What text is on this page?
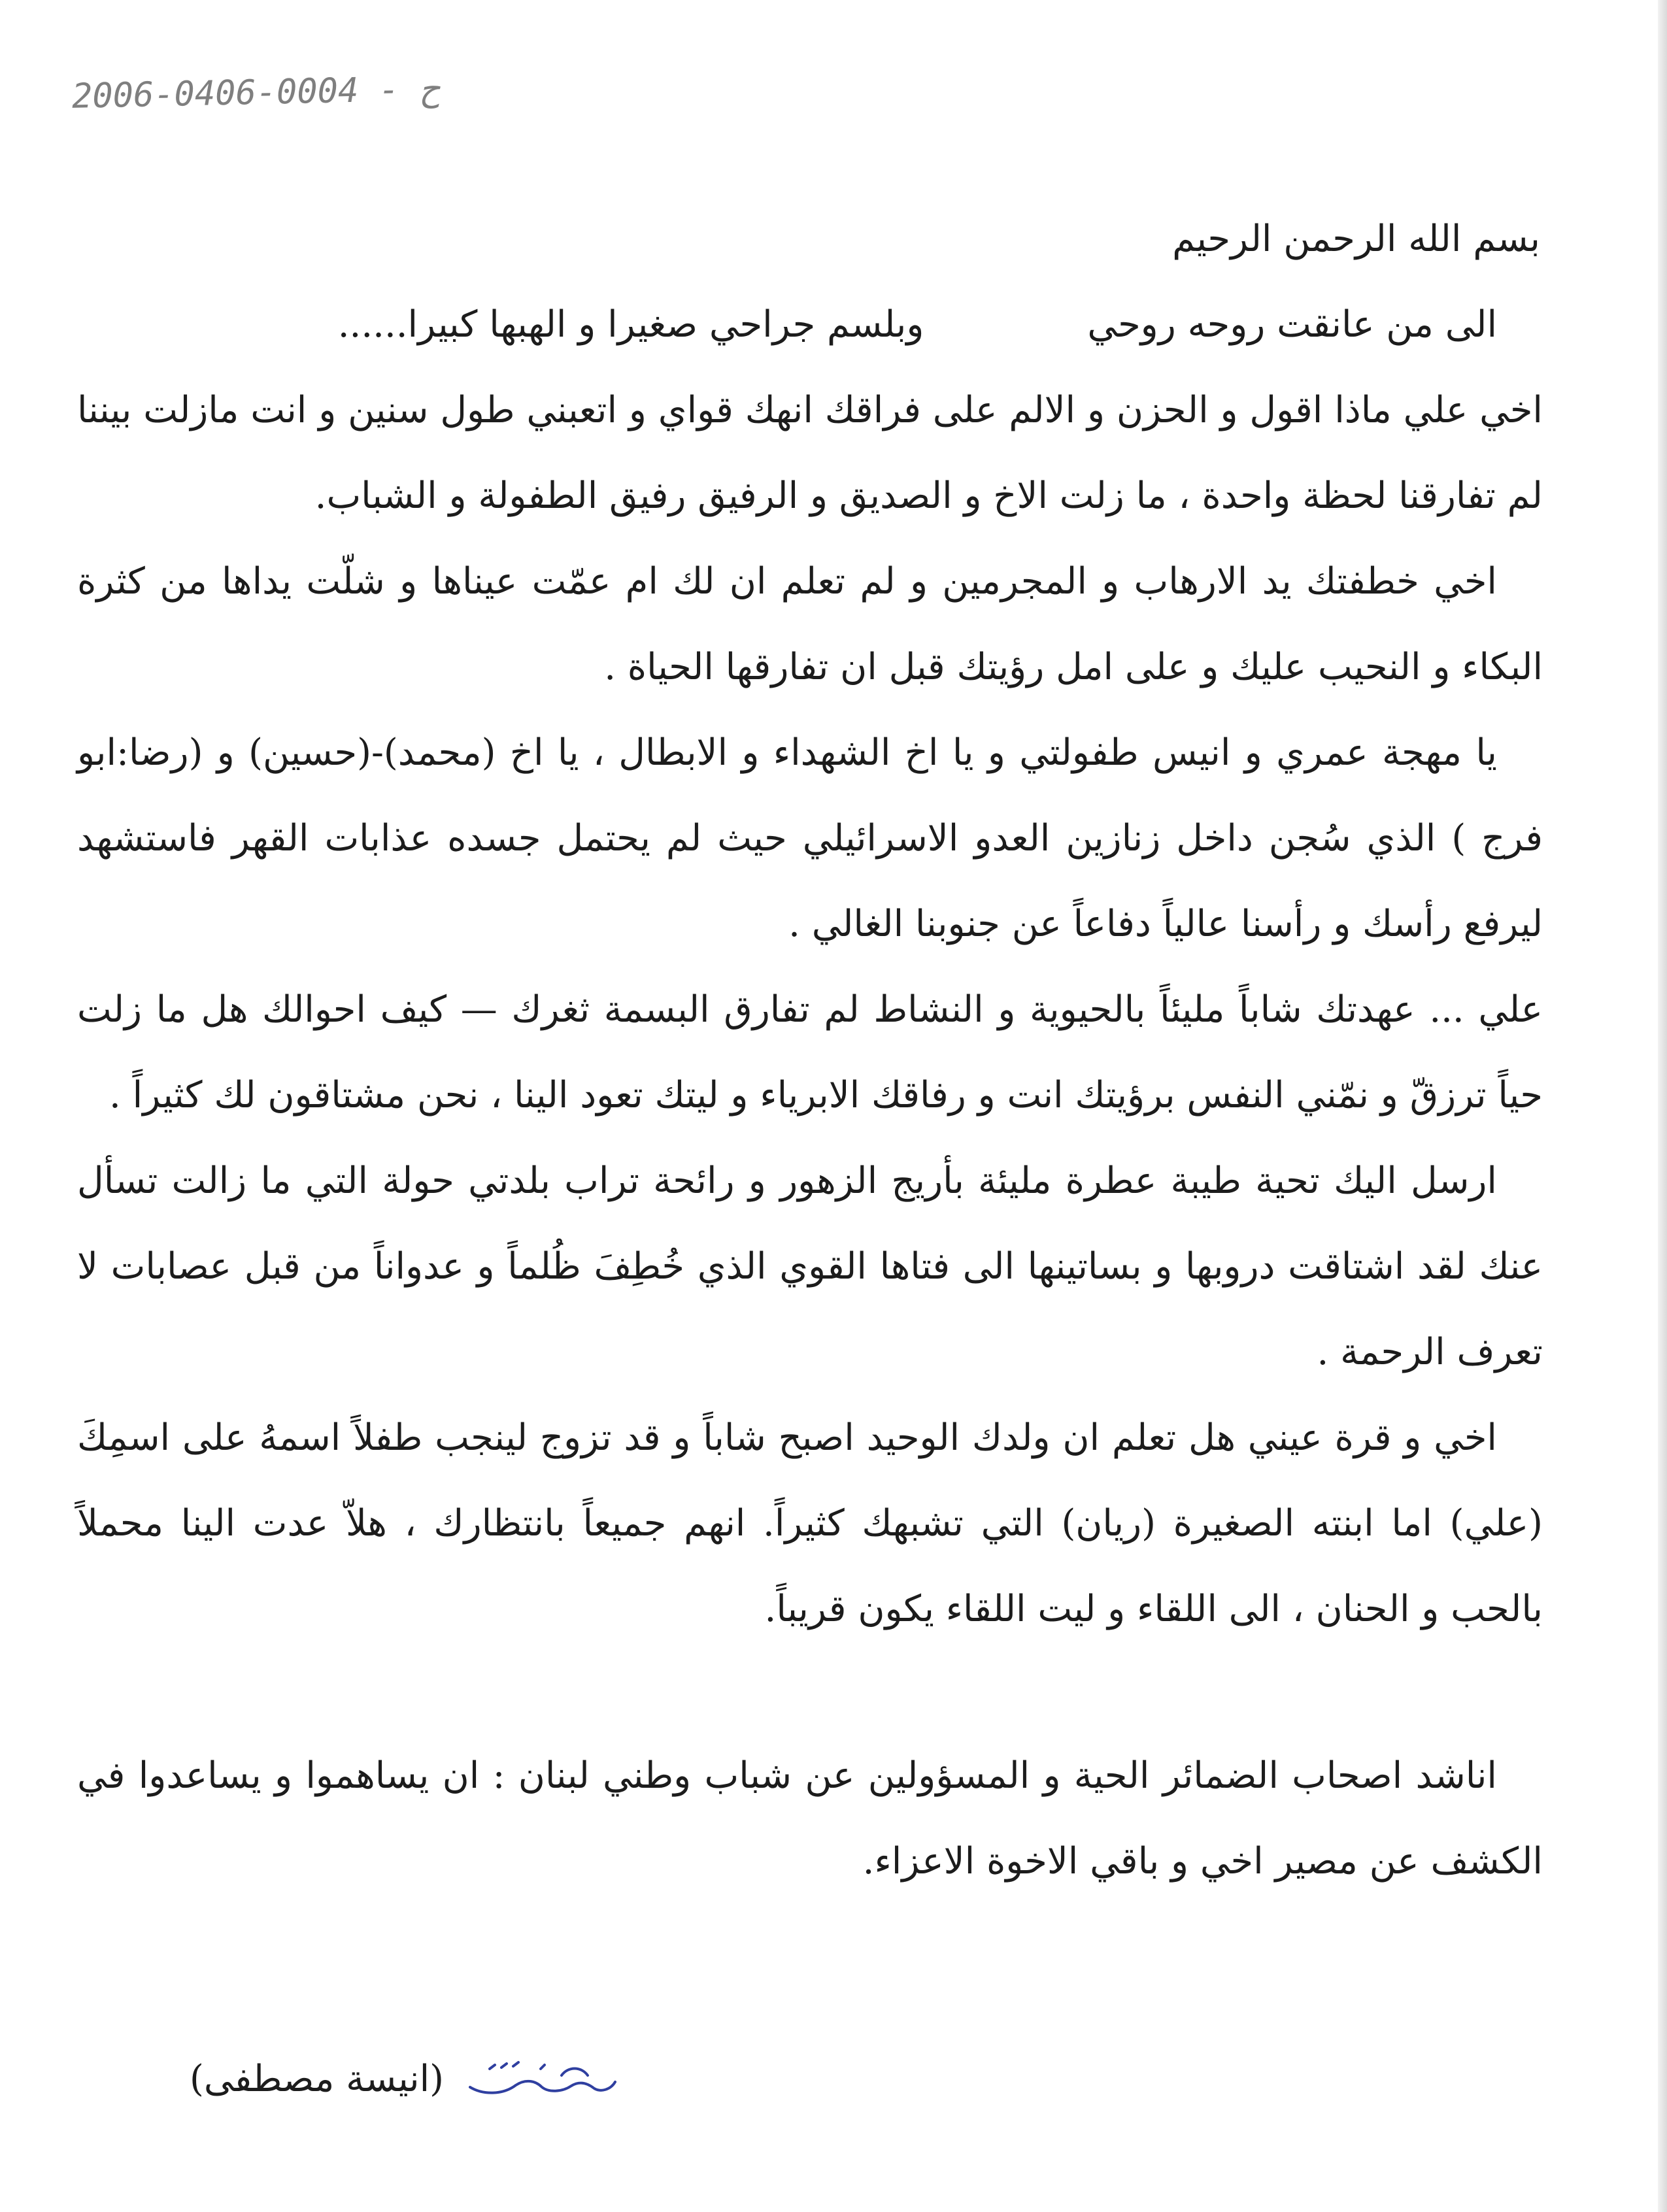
2006-0406-0004 - ح

بسم الله الرحمن الرحيم

الى من عانقت روحه روحيوبلسم جراحي صغيرا و الهبها كبيرا......

اخي علي ماذا اقول و الحزن و الالم على فراقك انهك قواي و اتعبني طول سنين و انت مازلت بيننا لم تفارقنا لحظة واحدة ، ما زلت الاخ و الصديق و الرفيق رفيق الطفولة و الشباب.

اخي خطفتك يد الارهاب و المجرمين و لم تعلم ان لك ام عمّت عيناها و شلّت يداها من كثرة البكاء و النحيب عليك و على امل رؤيتك قبل ان تفارقها الحياة .

يا مهجة عمري و انيس طفولتي و يا اخ الشهداء و الابطال ، يا اخ (محمد)-(حسين) و (رضا:ابو فرج ) الذي سُجن داخل زنازين العدو الاسرائيلي حيث لم يحتمل جسده عذابات القهر فاستشهد ليرفع رأسك و رأسنا عالياً دفاعاً عن جنوبنا الغالي .

علي ... عهدتك شاباً مليئاً بالحيوية و النشاط لم تفارق البسمة ثغرك — كيف احوالك هل ما زلت حياً ترزقّ و نمّني النفس برؤيتك انت و رفاقك الابرياء و ليتك تعود الينا ، نحن مشتاقون لك كثيراً .

ارسل اليك تحية طيبة عطرة مليئة بأريج الزهور و رائحة تراب بلدتي حولة التي ما زالت تسأل عنك لقد اشتاقت دروبها و بساتينها الى فتاها القوي الذي خُطِفَ ظُلماً و عدواناً من قبل عصابات لا تعرف الرحمة .

اخي و قرة عيني هل تعلم ان ولدك الوحيد اصبح شاباً و قد تزوج لينجب طفلاً اسمهُ على اسمِكَ (علي) اما ابنته الصغيرة (ريان) التي تشبهك كثيراً. انهم جميعاً بانتظارك ، هلاّ عدت الينا محملاً بالحب و الحنان ، الى اللقاء و ليت اللقاء يكون قريباً.

اناشد اصحاب الضمائر الحية و المسؤولين عن شباب وطني لبنان : ان يساهموا و يساعدوا في الكشف عن مصير اخي و باقي الاخوة الاعزاء.

(انيسة مصطفى)
